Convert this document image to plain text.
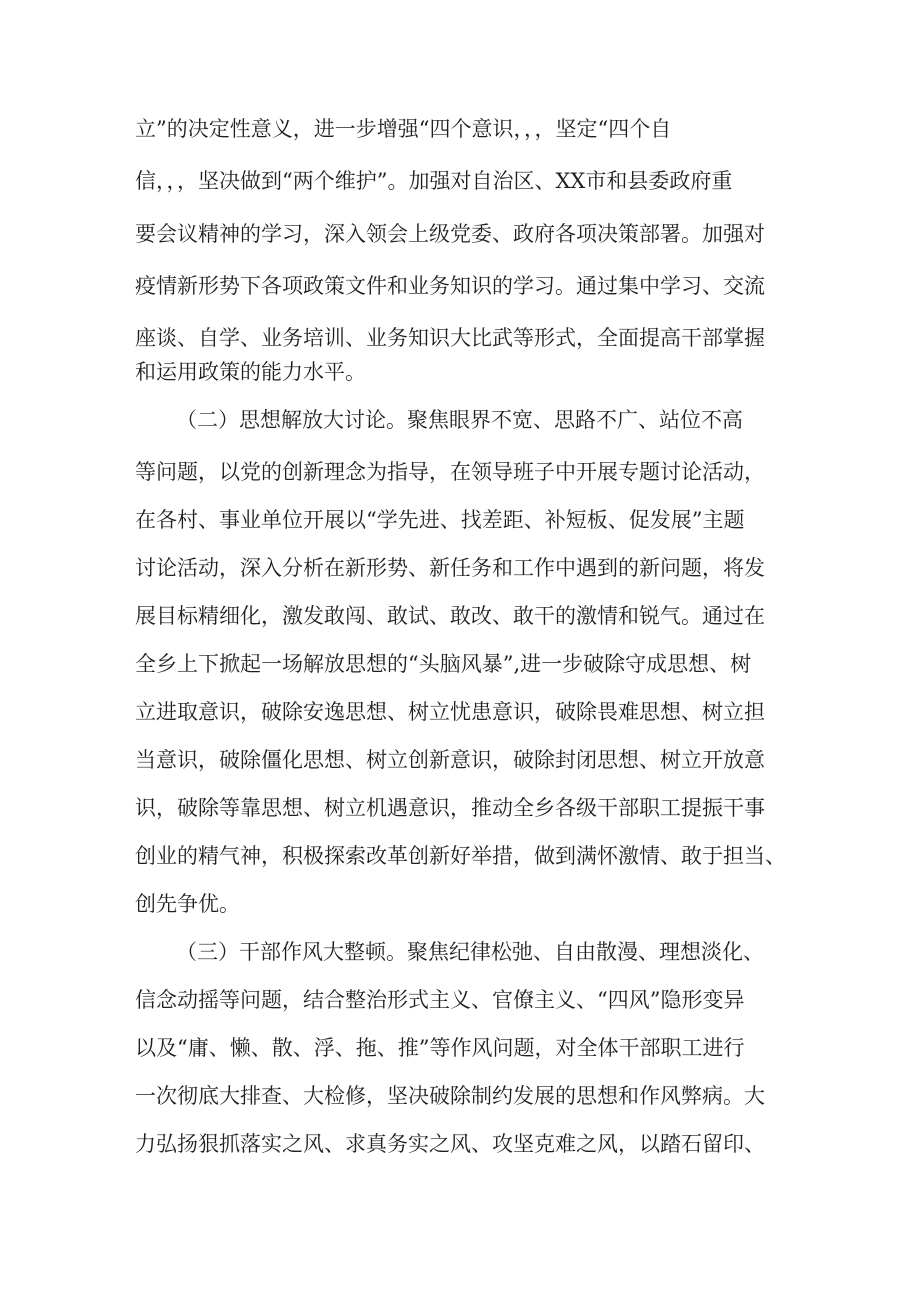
立”的决定性意义，进一步增强“四个意识，，，坚定“四个自
信，，，坚决做到“两个维护”。加强对自治区、XX市和县委政府重
要会议精神的学习，深入领会上级党委、政府各项决策部署。加强对
疫情新形势下各项政策文件和业务知识的学习。通过集中学习、交流
座谈、自学、业务培训、业务知识大比武等形式，全面提高干部掌握
和运用政策的能力水平。
（二）思想解放大讨论。聚焦眼界不宽、思路不广、站位不高
等问题，以党的创新理念为指导，在领导班子中开展专题讨论活动，
在各村、事业单位开展以“学先进、找差距、补短板、促发展”主题
讨论活动，深入分析在新形势、新任务和工作中遇到的新问题，将发
展目标精细化，激发敢闯、敢试、敢改、敢干的激情和锐气。通过在
全乡上下掀起一场解放思想的“头脑风暴”,进一步破除守成思想、树
立进取意识，破除安逸思想、树立忧患意识，破除畏难思想、树立担
当意识，破除僵化思想、树立创新意识，破除封闭思想、树立开放意
识，破除等靠思想、树立机遇意识，推动全乡各级干部职工提振干事
创业的精气神，积极探索改革创新好举措，做到满怀激情、敢于担当、
创先争优。
（三）干部作风大整顿。聚焦纪律松弛、自由散漫、理想淡化、
信念动摇等问题，结合整治形式主义、官僚主义、“四风”隐形变异
以及“庸、懒、散、浮、拖、推”等作风问题，对全体干部职工进行
一次彻底大排查、大检修，坚决破除制约发展的思想和作风弊病。大
力弘扬狠抓落实之风、求真务实之风、攻坚克难之风，以踏石留印、
